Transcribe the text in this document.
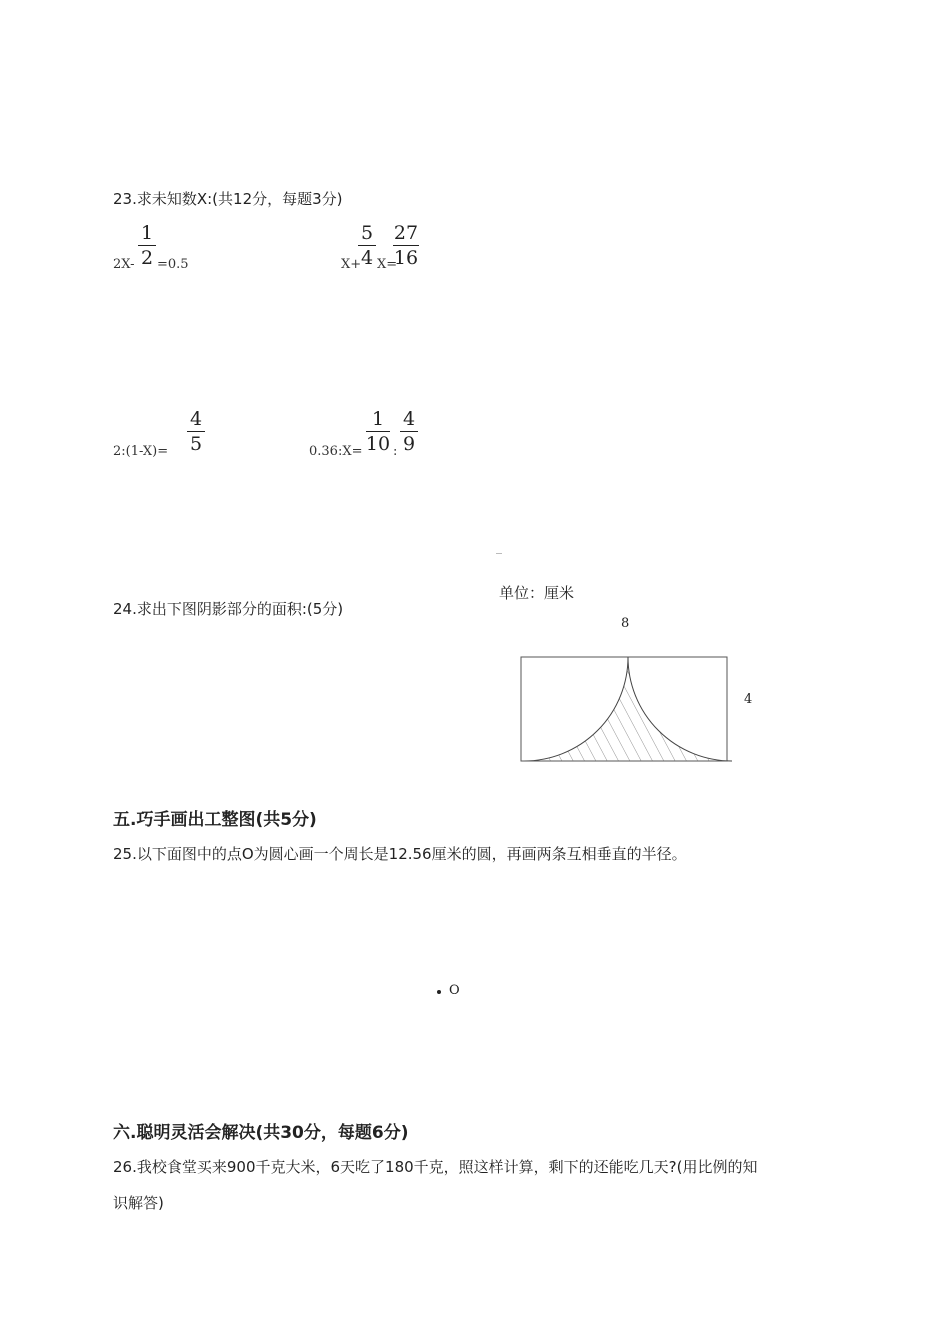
23.求未知数X:(共12分，每题3分)
2X-
1
2 =0.5	X+
5
4 X=
27
16
2:(1-X)=
4
5	0.36:X=
1
10 :
4
9
24.求出下图阴影部分的面积:(5分)
单位：厘米
8
4
五.巧手画出工整图(共5分)
25.以下面图中的点O为圆心画一个周长是12.56厘米的圆，再画两条互相垂直的半径。
O
六.聪明灵活会解决(共30分，每题6分)
26.我校食堂买来900千克大米，6天吃了180千克，照这样计算，剩下的还能吃几天?(用比例的知
识解答)
